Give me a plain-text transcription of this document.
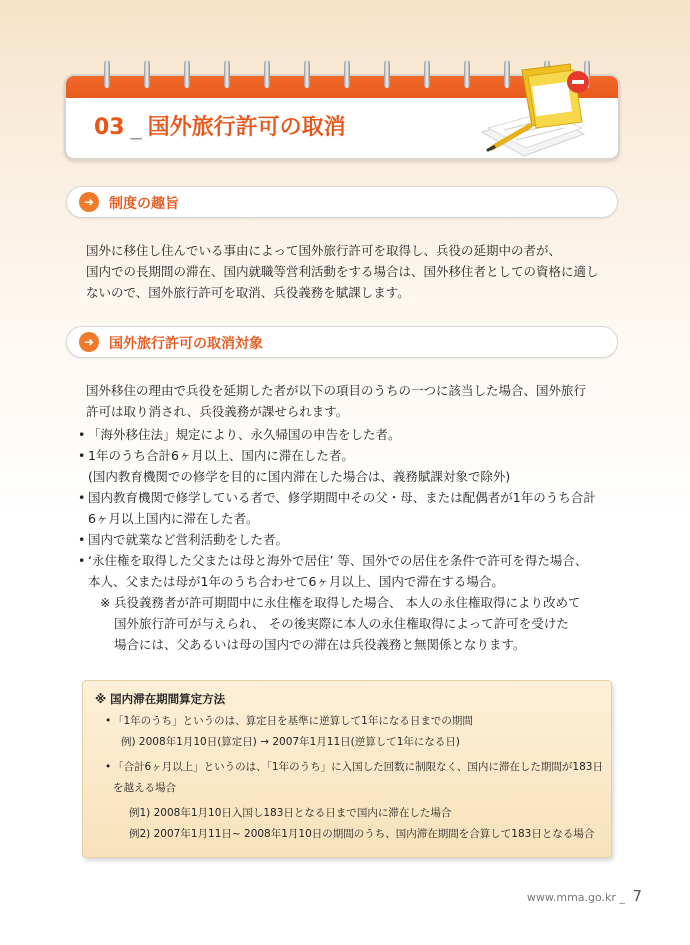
03 _ 国外旅行許可の取消
➜	制度の趣旨

国外に移住し住んでいる事由によって国外旅行許可を取得し、兵役の延期中の者が、

国内での長期間の滞在、国内就職等営利活動をする場合は、国外移住者としての資格に適し

ないので、国外旅行許可を取消、兵役義務を賦課します。

➜	国外旅行許可の取消対象

国外移住の理由で兵役を延期した者が以下の項目のうちの一つに該当した場合、国外旅行

許可は取り消され、兵役義務が課せられます。

• 「海外移住法」規定により、永久帰国の申告をした者。
• 1年のうち合計6ヶ月以上、国内に滞在した者。
(国内教育機関での修学を目的に国内滞在した場合は、義務賦課対象で除外)
• 国内教育機関で修学している者で、修学期間中その父・母、または配偶者が1年のうち合計
6ヶ月以上国内に滞在した者。
• 国内で就業など営利活動をした者。
• ‘永住権を取得した父または母と海外で居住’ 等、国外での居住を条件で許可を得た場合、
本人、父または母が1年のうち合わせて6ヶ月以上、国内で滞在する場合。
※ 兵役義務者が許可期間中に永住権を取得した場合、 本人の永住権取得により改めて
国外旅行許可が与えられ、 その後実際に本人の永住権取得によって許可を受けた
場合には、父あるいは母の国内での滞在は兵役義務と無関係となります。
※ 国内滞在期間算定方法
• 「1年のうち」というのは、算定日を基準に逆算して1年になる日までの期間
例) 2008年1月10日(算定日) → 2007年1月11日(逆算して1年になる日)
• 「合計6ヶ月以上」というのは、「1年のうち」に入国した回数に制限なく、国内に滞在した期間が183日
を越える場合
例1) 2008年1月10日入国し183日となる日まで国内に滞在した場合
例2) 2007年1月11日~ 2008年1月10日の期間のうち、国内滞在期間を合算して183日となる場合
www.mma.go.kr _ 7
